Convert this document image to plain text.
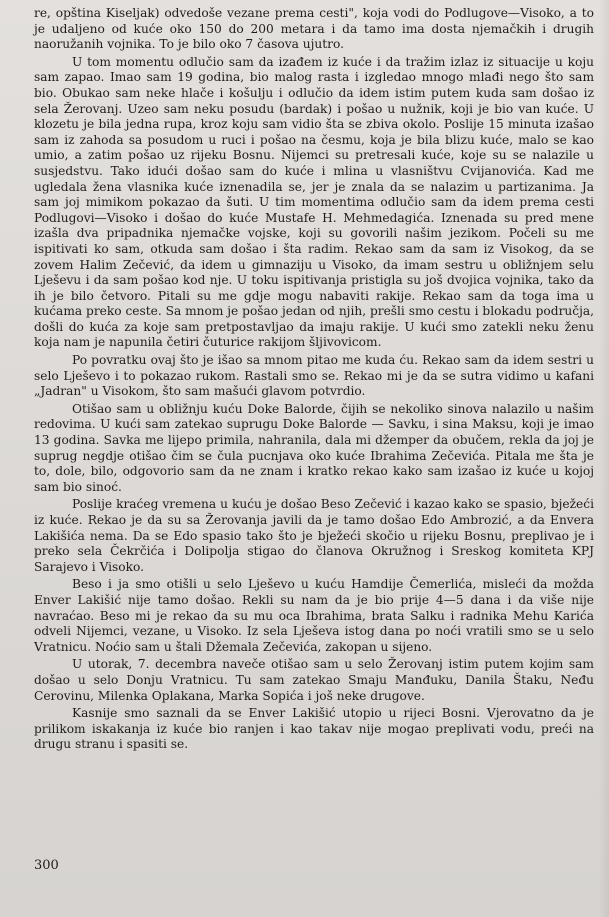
re, opština Kiseljak) odvedoše vezane prema cesti", koja vodi do Podlugove—Visoko, a to je udaljeno od kuće oko 150 do 200 metara i da tamo ima dosta njemačkih i drugih naoružanih vojnika. To je bilo oko 7 časova ujutro.

U tom momentu odlučio sam da izađem iz kuće i da tražim izlaz iz situacije u koju sam zapao. Imao sam 19 godina, bio malog rasta i izgledao mnogo mlađi nego što sam bio. Obukao sam neke hlače i košulju i odlučio da idem istim putem kuda sam došao iz sela Žerovanj. Uzeo sam neku posudu (bardak) i pošao u nužnik, koji je bio van kuće. U klozetu je bila jedna rupa, kroz koju sam vidio šta se zbiva okolo. Poslije 15 minuta izašao sam iz zahoda sa posudom u ruci i pošao na česmu, koja je bila blizu kuće, malo se kao umio, a zatim pošao uz rijeku Bosnu. Nijemci su pretresali kuće, koje su se nalazile u susjedstvu. Tako idući došao sam do kuće i mlina u vlasništvu Cvijanovića. Kad me ugledala žena vlasnika kuće iznenadila se, jer je znala da se nalazim u partizanima. Ja sam joj mimikom pokazao da šuti. U tim momentima odlučio sam da idem prema cesti Podlugovi—Visoko i došao do kuće Mustafe H. Mehmedagića. Iznenada su pred mene izašla dva pripadnika njemačke vojske, koji su govorili našim jezikom. Počeli su me ispitivati ko sam, otkuda sam došao i šta radim. Rekao sam da sam iz Visokog, da se zovem Halim Zečević, da idem u gimnaziju u Visoko, da imam sestru u obližnjem selu Lješevu i da sam pošao kod nje. U toku ispitivanja pristigla su još dvojica vojnika, tako da ih je bilo četvoro. Pitali su me gdje mogu nabaviti rakije. Rekao sam da toga ima u kućama preko ceste. Sa mnom je pošao jedan od njih, prešli smo cestu i blokadu područja, došli do kuća za koje sam pretpostavljao da imaju rakije. U kući smo zatekli neku ženu koja nam je napunila četiri čuturice rakijom šljivovicom.

Po povratku ovaj što je išao sa mnom pitao me kuda ću. Rekao sam da idem sestri u selo Lješevo i to pokazao rukom. Rastali smo se. Rekao mi je da se sutra vidimo u kafani „Jadran" u Visokom, što sam mašući glavom potvrdio.

Otišao sam u obližnju kuću Doke Balorde, čijih se nekoliko sinova nalazilo u našim redovima. U kući sam zatekao suprugu Doke Balorde — Savku, i sina Maksu, koji je imao 13 godina. Savka me lijepo primila, nahranila, dala mi džemper da obučem, rekla da joj je suprug negdje otišao čim se čula pucnjava oko kuće Ibrahima Zečevića. Pitala me šta je to, dole, bilo, odgovorio sam da ne znam i kratko rekao kako sam izašao iz kuće u kojoj sam bio sinoć.

Poslije kraćeg vremena u kuću je došao Beso Zečević i kazao kako se spasio, bježeći iz kuće. Rekao je da su sa Žerovanja javili da je tamo došao Edo Ambrozić, a da Envera Lakišića nema. Da se Edo spasio tako što je bježeći skočio u rijeku Bosnu, preplivao je i preko sela Čekrčića i Dolipolja stigao do članova Okružnog i Sreskog komiteta KPJ Sarajevo i Visoko.

Beso i ja smo otišli u selo Lješevo u kuću Hamdije Čemerlića, misleći da možda Enver Lakišić nije tamo došao. Rekli su nam da je bio prije 4—5 dana i da više nije navraćao. Beso mi je rekao da su mu oca Ibrahima, brata Salku i radnika Mehu Karića odveli Nijemci, vezane, u Visoko. Iz sela Lješeva istog dana po noći vratili smo se u selo Vratnicu. Noćio sam u štali Džemala Zečevića, zakopan u sijeno.

U utorak, 7. decembra naveče otišao sam u selo Žerovanj istim putem kojim sam došao u selo Donju Vratnicu. Tu sam zatekao Smaju Manđuku, Danila Štaku, Neđu Cerovinu, Milenka Oplakana, Marka Sopića i još neke drugove.

Kasnije smo saznali da se Enver Lakišić utopio u rijeci Bosni. Vjerovatno da je prilikom iskakanja iz kuće bio ranjen i kao takav nije mogao preplivati vodu, preći na drugu stranu i spasiti se.

300
